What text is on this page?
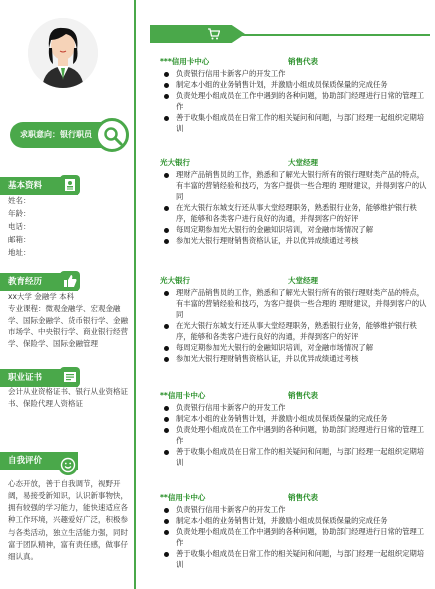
求职意向：银行职员
基本资料
姓名：
年龄：
电话：
邮箱：
地址：
教育经历
xx大学 金融学 本科
专业课程：微观金融学、宏观金融学、国际金融学、货币银行学、金融市场学、中央银行学、商业银行经营学、保险学、国际金融管理
职业证书
会计从业资格证书、银行从业资格证书、保险代理人资格证
自我评价
心态开放，善于自我调节，视野开阔，易接受新知识，认识新事物快，拥有较强的学习能力，能快速适应各种工作环境，兴趣爱好广泛，积极参与各类活动，独立生活能力强，同时富于团队精神，富有责任感，做事仔细认真。
***信用卡中心	销售代表
负责银行信用卡新客户的开发工作
制定本小组的业务销售计划，并激励小组成员保质保量的完成任务
负责处理小组成员在工作中遇到的各种问题，协助部门经理进行日常的管理工作
善于收集小组成员在日常工作的相关疑问和问题，与部门经理一起组织定期培训
光大银行	大堂经理
理财产品销售员的工作，熟悉和了解光大银行所有的银行理财类产品的特点，有丰富的营销经验和技巧，为客户提供一些合理的 理财建议，并得到客户的认同
在光大银行东城支行还从事大堂经理职务，熟悉银行业务，能够维护银行秩序，能够和各类客户进行良好的沟通，并得到客户的好评
每周定期参加光大银行的金融知识培训，对金融市场情况了解
参加光大银行理财销售资格认证，并以优异成绩通过考核
光大银行	大堂经理
理财产品销售员的工作，熟悉和了解光大银行所有的银行理财类产品的特点，有丰富的营销经验和技巧，为客户提供一些合理的 理财建议，并得到客户的认同
在光大银行东城支行还从事大堂经理职务，熟悉银行业务，能够维护银行秩序，能够和各类客户进行良好的沟通，并得到客户的好评
每周定期参加光大银行的金融知识培训，对金融市场情况了解
参加光大银行理财销售资格认证，并以优异成绩通过考核
**信用卡中心	销售代表
负责银行信用卡新客户的开发工作
制定本小组的业务销售计划，并激励小组成员保质保量的完成任务
负责处理小组成员在工作中遇到的各种问题，协助部门经理进行日常的管理工作
善于收集小组成员在日常工作的相关疑问和问题，与部门经理一起组织定期培训
**信用卡中心	销售代表
负责银行信用卡新客户的开发工作
制定本小组的业务销售计划，并激励小组成员保质保量的完成任务
负责处理小组成员在工作中遇到的各种问题，协助部门经理进行日常的管理工作
善于收集小组成员在日常工作的相关疑问和问题，与部门经理一起组织定期培训
